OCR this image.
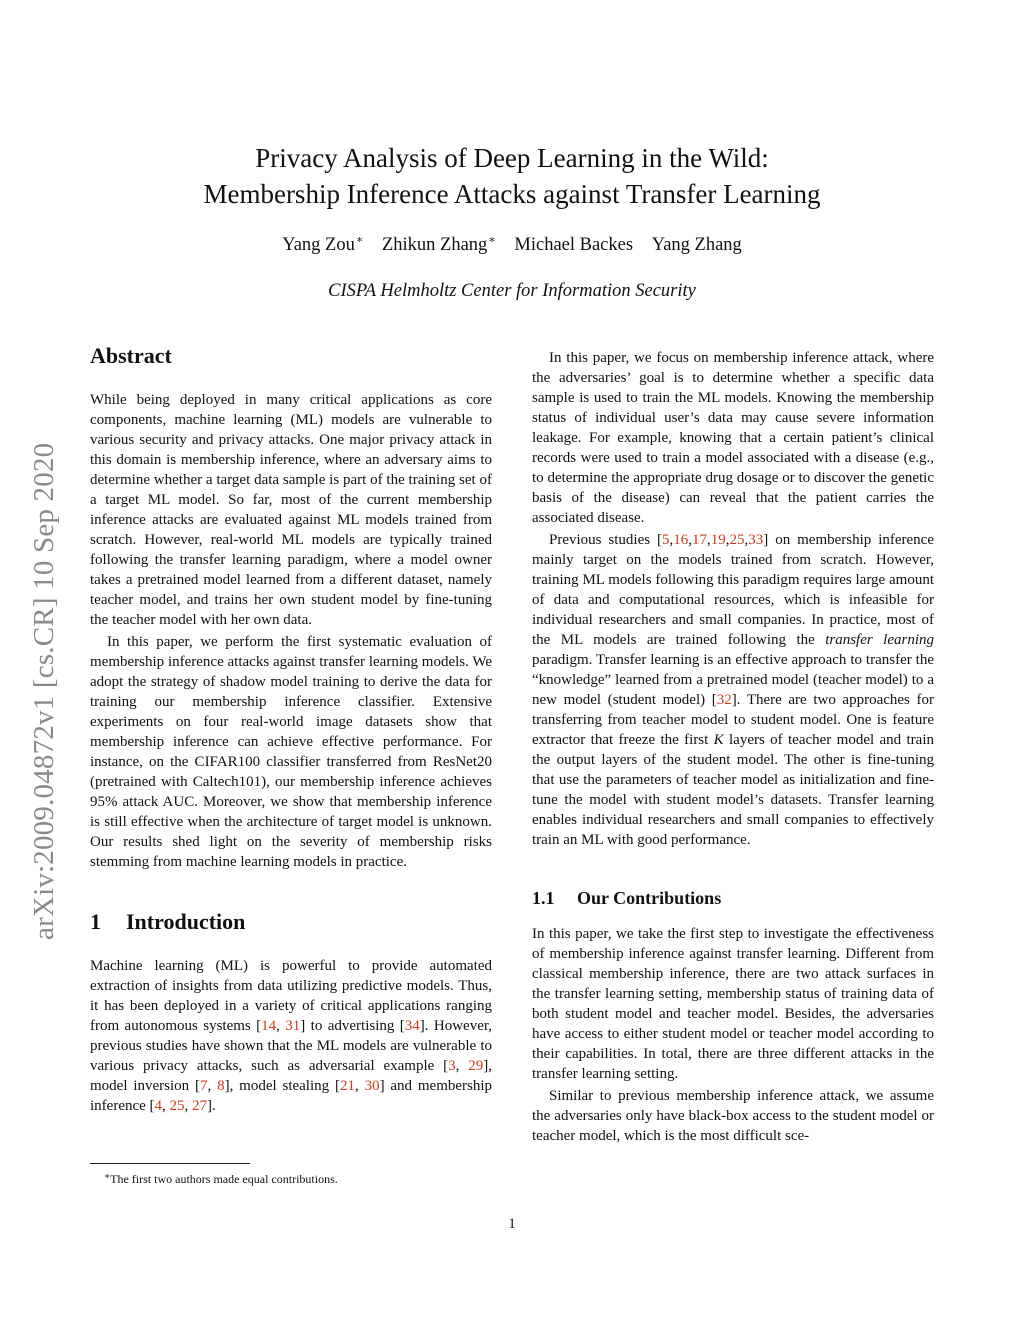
arXiv:2009.04872v1 [cs.CR] 10 Sep 2020
Privacy Analysis of Deep Learning in the Wild:
Membership Inference Attacks against Transfer Learning
Yang Zou∗ Zhikun Zhang∗ Michael Backes Yang Zhang
CISPA Helmholtz Center for Information Security
Abstract

While being deployed in many critical applications as core components, machine learning (ML) models are vulnerable to various security and privacy attacks. One major privacy attack in this domain is membership inference, where an adversary aims to determine whether a target data sample is part of the training set of a target ML model. So far, most of the current membership inference attacks are evaluated against ML models trained from scratch. However, real-world ML models are typically trained following the transfer learning paradigm, where a model owner takes a pretrained model learned from a different dataset, namely teacher model, and trains her own student model by fine-tuning the teacher model with her own data.

In this paper, we perform the first systematic evaluation of membership inference attacks against transfer learning models. We adopt the strategy of shadow model training to derive the data for training our membership inference classifier. Extensive experiments on four real-world image datasets show that membership inference can achieve effective performance. For instance, on the CIFAR100 classifier transferred from ResNet20 (pretrained with Caltech101), our membership inference achieves 95% attack AUC. Moreover, we show that membership inference is still effective when the architecture of target model is unknown. Our results shed light on the severity of membership risks stemming from machine learning models in practice.

1 Introduction

Machine learning (ML) is powerful to provide automated extraction of insights from data utilizing predictive models. Thus, it has been deployed in a variety of critical applications ranging from autonomous systems [14, 31] to advertising [34]. However, previous studies have shown that the ML models are vulnerable to various privacy attacks, such as adversarial example [3, 29], model inversion [7, 8], model stealing [21, 30] and membership inference [4, 25, 27].

In this paper, we focus on membership inference attack, where the adversaries’ goal is to determine whether a specific data sample is used to train the ML models. Knowing the membership status of individual user’s data may cause severe information leakage. For example, knowing that a certain patient’s clinical records were used to train a model associated with a disease (e.g., to determine the appropriate drug dosage or to discover the genetic basis of the disease) can reveal that the patient carries the associated disease.

Previous studies [5,16,17,19,25,33] on membership inference mainly target on the models trained from scratch. However, training ML models following this paradigm requires large amount of data and computational resources, which is infeasible for individual researchers and small companies. In practice, most of the ML models are trained following the transfer learning paradigm. Transfer learning is an effective approach to transfer the “knowledge” learned from a pretrained model (teacher model) to a new model (student model) [32]. There are two approaches for transferring from teacher model to student model. One is feature extractor that freeze the first K layers of teacher model and train the output layers of the student model. The other is fine-tuning that use the parameters of teacher model as initialization and fine-tune the model with student model’s datasets. Transfer learning enables individual researchers and small companies to effectively train an ML with good performance.

1.1 Our Contributions

In this paper, we take the first step to investigate the effectiveness of membership inference against transfer learning. Different from classical membership inference, there are two attack surfaces in the transfer learning setting, membership status of training data of both student model and teacher model. Besides, the adversaries have access to either student model or teacher model according to their capabilities. In total, there are three different attacks in the transfer learning setting.

Similar to previous membership inference attack, we assume the adversaries only have black-box access to the student model or teacher model, which is the most difficult sce-

∗The first two authors made equal contributions.
1
